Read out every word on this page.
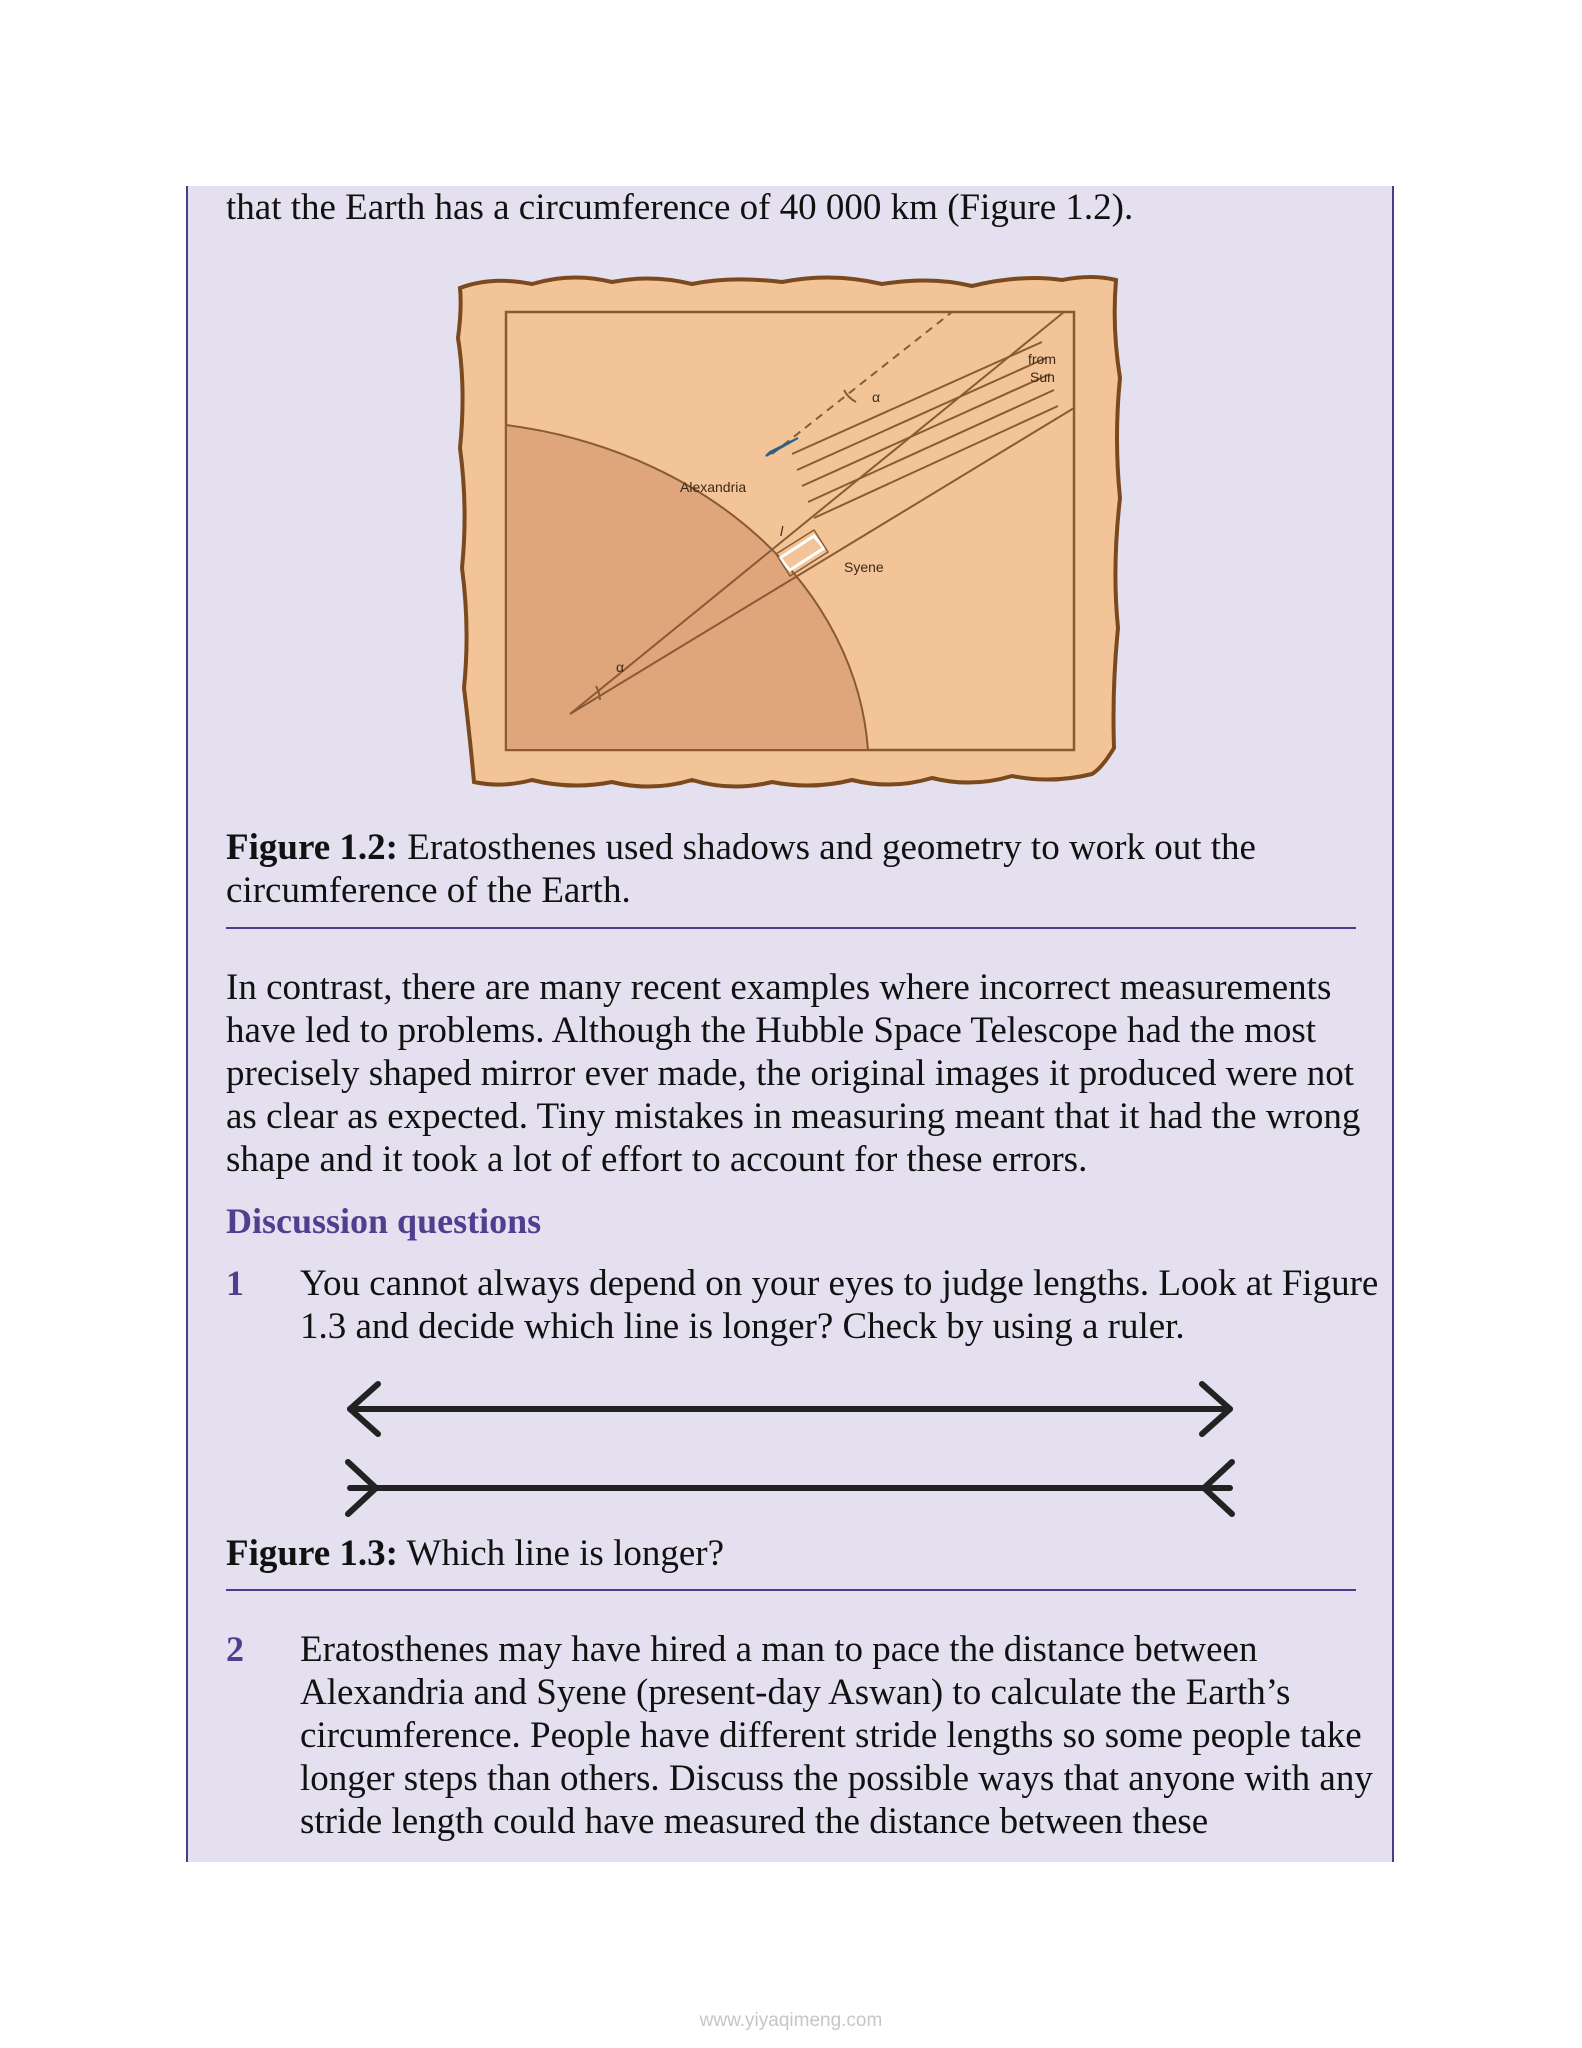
that the Earth has a circumference of 40 000 km (Figure 1.2).

from
Sun
Alexandria
Syene
α
α
l

Figure 1.2: Eratosthenes used shadows and geometry to work out the circumference of the Earth.

In contrast, there are many recent examples where incorrect measurements have led to problems. Although the Hubble Space Telescope had the most precisely shaped mirror ever made, the original images it produced were not as clear as expected. Tiny mistakes in measuring meant that it had the wrong shape and it took a lot of effort to account for these errors.

Discussion questions
1 You cannot always depend on your eyes to judge lengths. Look at Figure 1.3 and decide which line is longer? Check by using a ruler.

Figure 1.3: Which line is longer?

2 Eratosthenes may have hired a man to pace the distance between Alexandria and Syene (present-day Aswan) to calculate the Earth’s circumference. People have different stride lengths so some people take longer steps than others. Discuss the possible ways that anyone with any stride length could have measured the distance between these

www.yiyaqimeng.com
